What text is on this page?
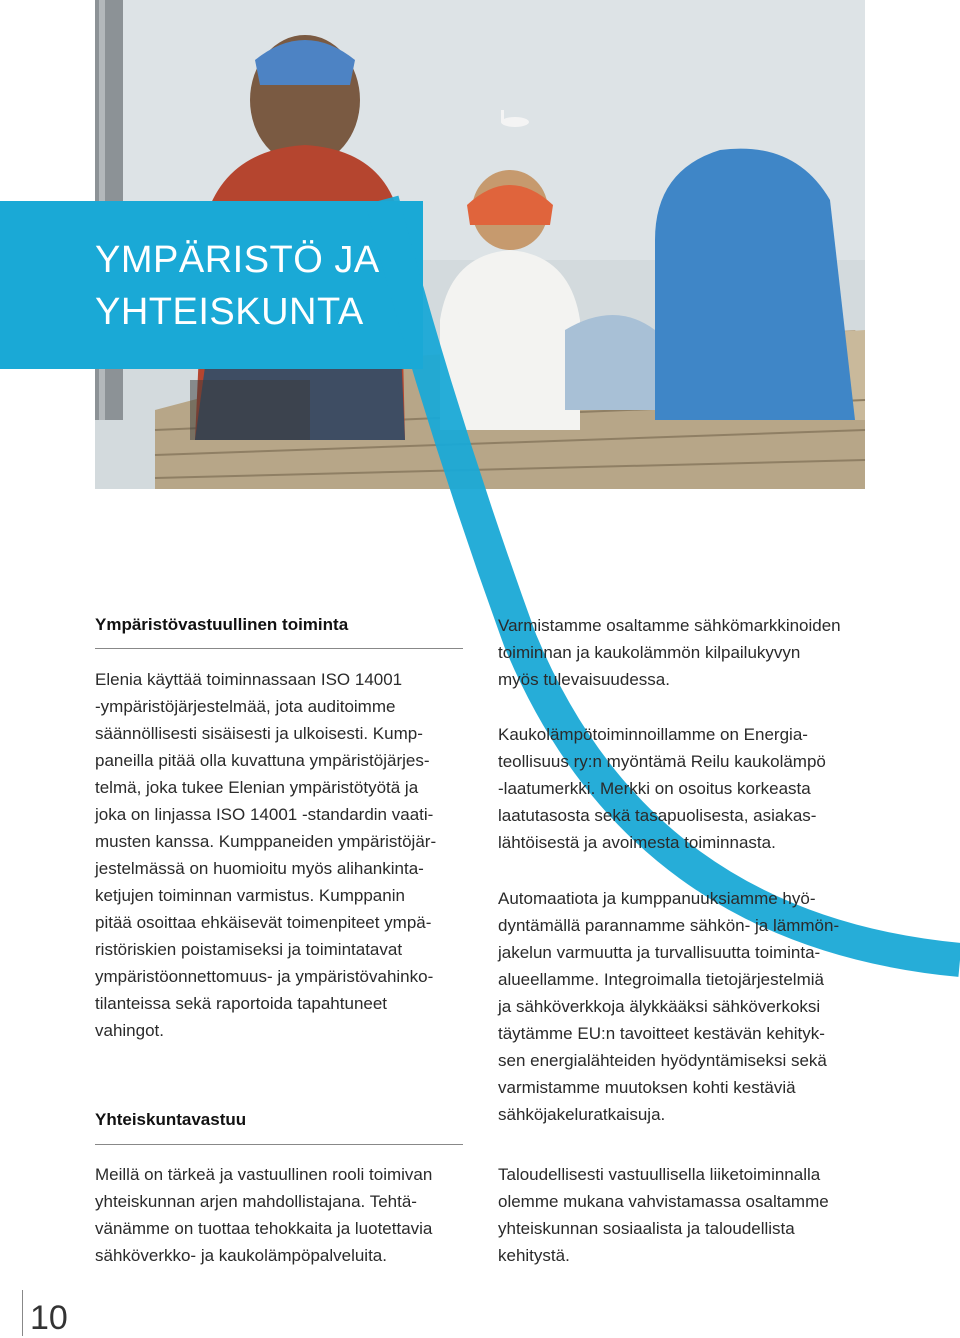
YMPÄRISTÖ JA
YHTEISKUNTA
Ympäristövastuullinen toiminta

Elenia käyttää toiminnassaan ISO 14001

-ympäristöjärjestelmää, jota auditoimme

säännöllisesti sisäisesti ja ulkoisesti. Kump-

paneilla pitää olla kuvattuna ympäristöjärjes-

telmä, joka tukee Elenian ympäristötyötä ja

joka on linjassa ISO 14001 -standardin vaati-

musten kanssa. Kumppaneiden ympäristöjär-

jestelmässä on huomioitu myös alihankinta-

ketjujen toiminnan varmistus. Kumppanin

pitää osoittaa ehkäisevät toimenpiteet ympä-

ristöriskien poistamiseksi ja toimintatavat

ympäristöonnettomuus- ja ympäristövahinko-

tilanteissa sekä raportoida tapahtuneet

vahingot.

Yhteiskuntavastuu

Meillä on tärkeä ja vastuullinen rooli toimivan

yhteiskunnan arjen mahdollistajana. Tehtä-

vänämme on tuottaa tehokkaita ja luotettavia

sähköverkko- ja kaukolämpöpalveluita.

Varmistamme osaltamme sähkömarkkinoiden

toiminnan ja kaukolämmön kilpailukyvyn

myös tulevaisuudessa.

Kaukolämpötoiminnoillamme on Energia-

teollisuus ry:n myöntämä Reilu kaukolämpö

-laatumerkki. Merkki on osoitus korkeasta

laatutasosta sekä tasapuolisesta, asiakas-

lähtöisestä ja avoimesta toiminnasta.

Automaatiota ja kumppanuuksiamme hyö-

dyntämällä parannamme sähkön- ja lämmön-

jakelun varmuutta ja turvallisuutta toiminta-

alueellamme. Integroimalla tietojärjestelmiä

ja sähköverkkoja älykkääksi sähköverkoksi

täytämme EU:n tavoitteet kestävän kehityk-

sen energialähteiden hyödyntämiseksi sekä

varmistamme muutoksen kohti kestäviä

sähköjakeluratkaisuja.

Taloudellisesti vastuullisella liiketoiminnalla

olemme mukana vahvistamassa osaltamme

yhteiskunnan sosiaalista ja taloudellista

kehitystä.

10
